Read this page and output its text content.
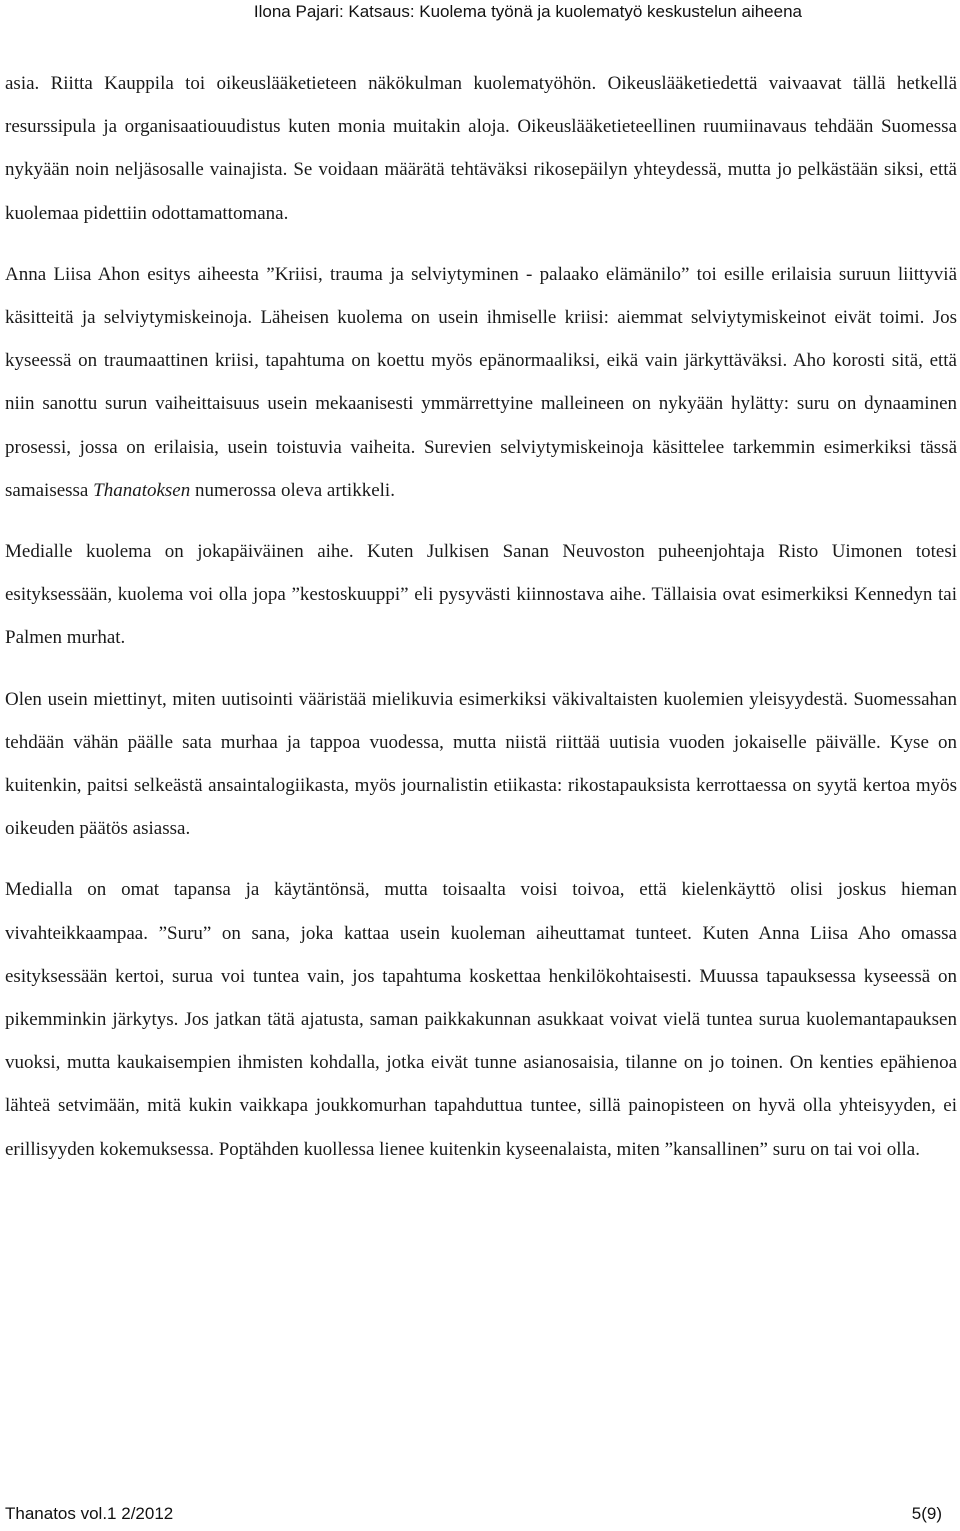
Ilona Pajari: Katsaus: Kuolema työnä ja kuolematyö keskustelun aiheena

asia. Riitta Kauppila toi oikeuslääketieteen näkökulman kuolematyöhön. Oikeuslääketiedettä vaivaavat tällä hetkellä resurssipula ja organisaatiouudistus kuten monia muitakin aloja. Oikeuslääketieteellinen ruumiinavaus tehdään Suomessa nykyään noin neljäsosalle vainajista. Se voidaan määrätä tehtäväksi rikosepäilyn yhteydessä, mutta jo pelkästään siksi, että kuolemaa pidettiin odottamattomana.

Anna Liisa Ahon esitys aiheesta ”Kriisi, trauma ja selviytyminen - palaako elämänilo” toi esille erilaisia suruun liittyviä käsitteitä ja selviytymiskeinoja. Läheisen kuolema on usein ihmiselle kriisi: aiemmat selviytymiskeinot eivät toimi. Jos kyseessä on traumaattinen kriisi, tapahtuma on koettu myös epänormaaliksi, eikä vain järkyttäväksi. Aho korosti sitä, että niin sanottu surun vaiheittaisuus usein mekaanisesti ymmärrettyine malleineen on nykyään hylätty: suru on dynaaminen prosessi, jossa on erilaisia, usein toistuvia vaiheita. Surevien selviytymiskeinoja käsittelee tarkemmin esimerkiksi tässä samaisessa Thanatoksen numerossa oleva artikkeli.

Medialle kuolema on jokapäiväinen aihe. Kuten Julkisen Sanan Neuvoston puheenjohtaja Risto Uimonen totesi esityksessään, kuolema voi olla jopa ”kestoskuuppi” eli pysyvästi kiinnostava aihe. Tällaisia ovat esimerkiksi Kennedyn tai Palmen murhat.

Olen usein miettinyt, miten uutisointi vääristää mielikuvia esimerkiksi väkivaltaisten kuolemien yleisyydestä. Suomessahan tehdään vähän päälle sata murhaa ja tappoa vuodessa, mutta niistä riittää uutisia vuoden jokaiselle päivälle. Kyse on kuitenkin, paitsi selkeästä ansaintalogiikasta, myös journalistin etiikasta: rikostapauksista kerrottaessa on syytä kertoa myös oikeuden päätös asiassa.

Medialla on omat tapansa ja käytäntönsä, mutta toisaalta voisi toivoa, että kielenkäyttö olisi joskus hieman vivahteikkaampaa. ”Suru” on sana, joka kattaa usein kuoleman aiheuttamat tunteet. Kuten Anna Liisa Aho omassa esityksessään kertoi, surua voi tuntea vain, jos tapahtuma koskettaa henkilökohtaisesti. Muussa tapauksessa kyseessä on pikemminkin järkytys. Jos jatkan tätä ajatusta, saman paikkakunnan asukkaat voivat vielä tuntea surua kuolemantapauksen vuoksi, mutta kaukaisempien ihmisten kohdalla, jotka eivät tunne asianosaisia, tilanne on jo toinen. On kenties epähienoa lähteä setvimään, mitä kukin vaikkapa joukkomurhan tapahduttua tuntee, sillä painopisteen on hyvä olla yhteisyyden, ei erillisyyden kokemuksessa. Poptähden kuollessa lienee kuitenkin kyseenalaista, miten ”kansallinen” suru on tai voi olla.

Thanatos vol.1 2/2012	5(9)
